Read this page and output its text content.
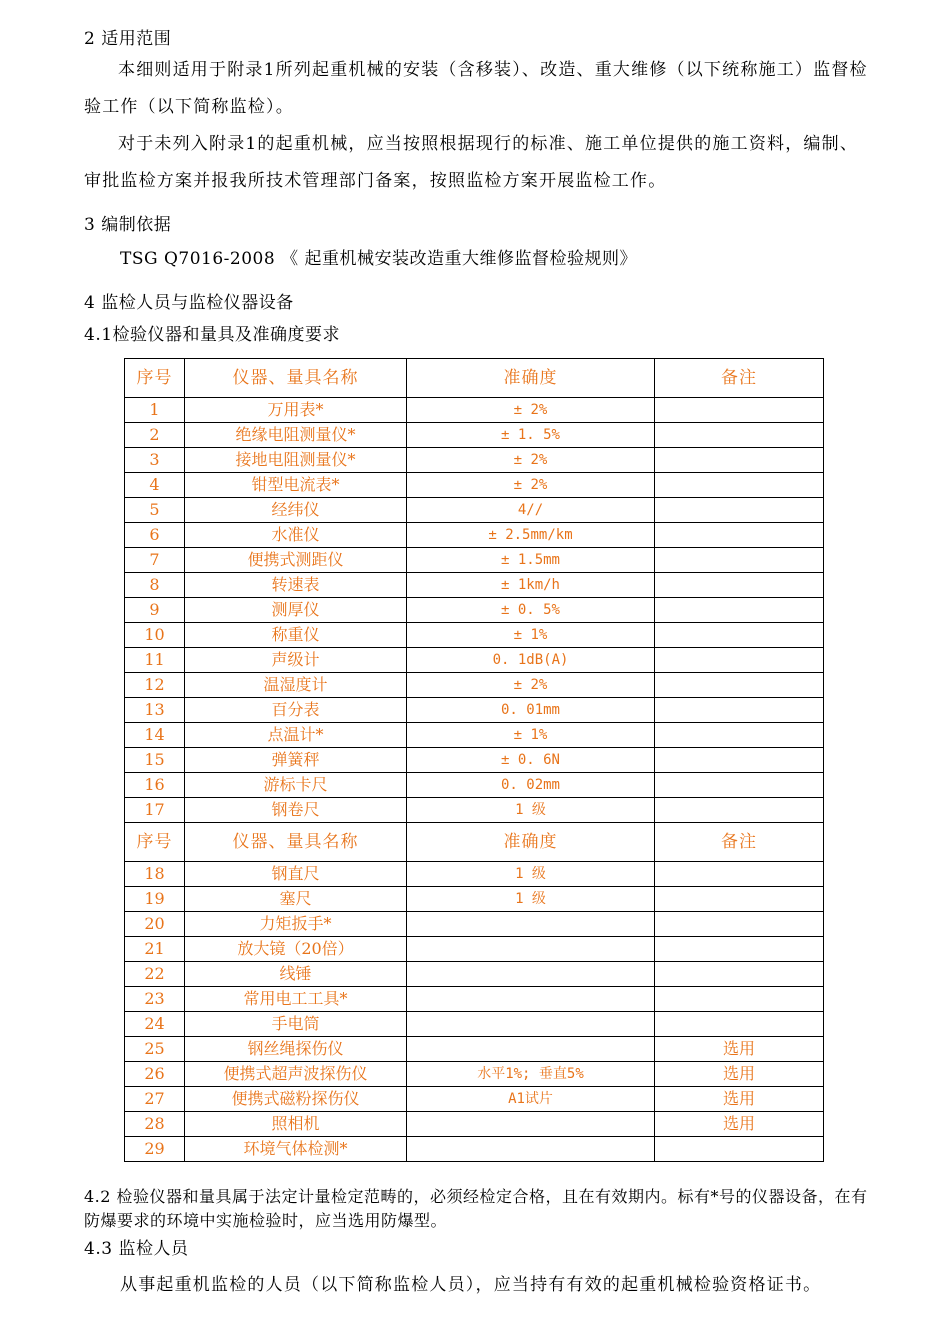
2 适用范围
本细则适用于附录1所列起重机械的安装（含移装）、改造、重大维修（以下统称施工）监督检验工作（以下简称监检）。
对于未列入附录1的起重机械，应当按照根据现行的标准、施工单位提供的施工资料，编制、审批监检方案并报我所技术管理部门备案，按照监检方案开展监检工作。
3 编制依据
TSG Q7016-2008 《 起重机械安装改造重大维修监督检验规则》
4 监检人员与监检仪器设备
4.1检验仪器和量具及准确度要求
序号	仪器、量具名称	准确度	备注
1	万用表*	± 2%	
2	绝缘电阻测量仪*	± 1. 5%	
3	接地电阻测量仪*	± 2%	
4	钳型电流表*	± 2%	
5	经纬仪	4//	
6	水准仪	± 2.5mm/km	
7	便携式测距仪	± 1.5mm	
8	转速表	± 1km/h	
9	测厚仪	± 0. 5%	
10	称重仪	± 1%	
11	声级计	0. 1dB(A)	
12	温湿度计	± 2%	
13	百分表	0. 01mm	
14	点温计*	± 1%	
15	弹簧秤	± 0. 6N	
16	游标卡尺	0. 02mm	
17	钢卷尺	1 级	
序号	仪器、量具名称	准确度	备注
18	钢直尺	1 级	
19	塞尺	1 级	
20	力矩扳手*		
21	放大镜（20倍）		
22	线锤		
23	常用电工工具*		
24	手电筒		
25	钢丝绳探伤仪		选用
26	便携式超声波探伤仪	水平1%; 垂直5%	选用
27	便携式磁粉探伤仪	A1试片	选用
28	照相机		选用
29	环境气体检测*		
4.2 检验仪器和量具属于法定计量检定范畴的，必须经检定合格，且在有效期内。标有*号的仪器设备，在有防爆要求的环境中实施检验时，应当选用防爆型。
4.3 监检人员
从事起重机监检的人员（以下简称监检人员），应当持有有效的起重机械检验资格证书。
